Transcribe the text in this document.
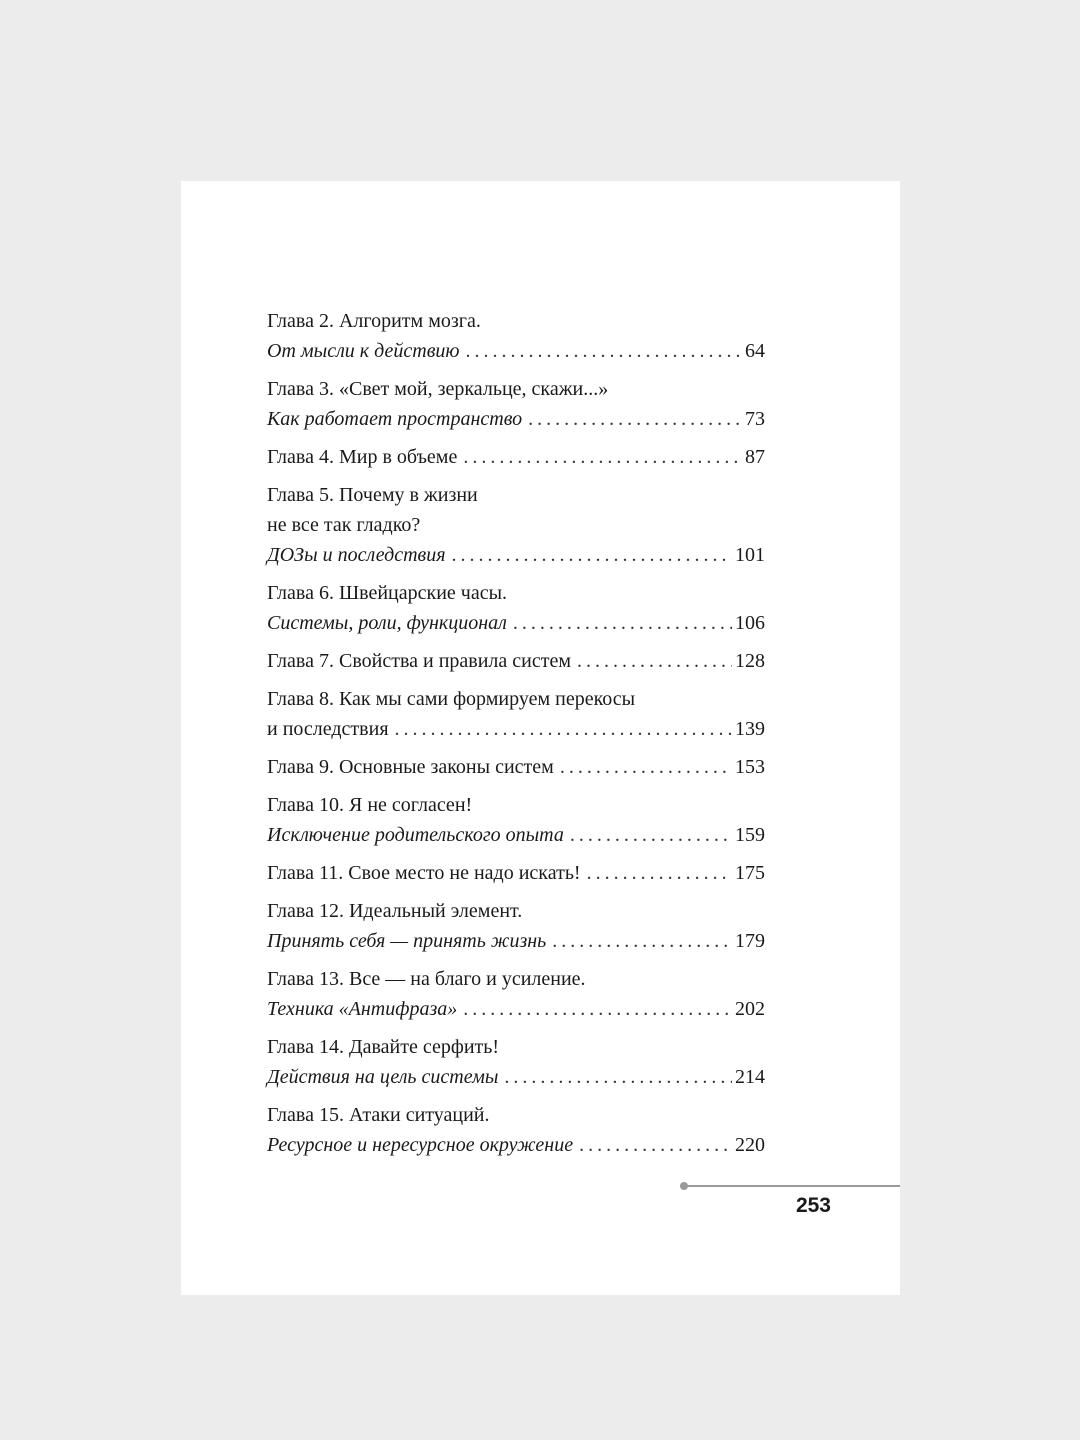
Глава 2. Алгоритм мозга.
От мысли к действию . . .	64
Глава 3. «Свет мой, зеркальце, скажи...»
Как работает пространство . . .	73
Глава 4. Мир в объеме . . .	87
Глава 5. Почему в жизни
не все так гладко?
ДОЗы и последствия . . .	101
Глава 6. Швейцарские часы.
Системы, роли, функционал . . .	106
Глава 7. Свойства и правила систем . . .	128
Глава 8. Как мы сами формируем перекосы
и последствия . . .	139
Глава 9. Основные законы систем . . .	153
Глава 10. Я не согласен!
Исключение родительского опыта . . .	159
Глава 11. Свое место не надо искать! . . .	175
Глава 12. Идеальный элемент.
Принять себя — принять жизнь . . .	179
Глава 13. Все — на благо и усиление.
Техника «Антифраза» . . .	202
Глава 14. Давайте серфить!
Действия на цель системы . . .	214
Глава 15. Атаки ситуаций.
Ресурсное и нересурсное окружение . . .	220
253
